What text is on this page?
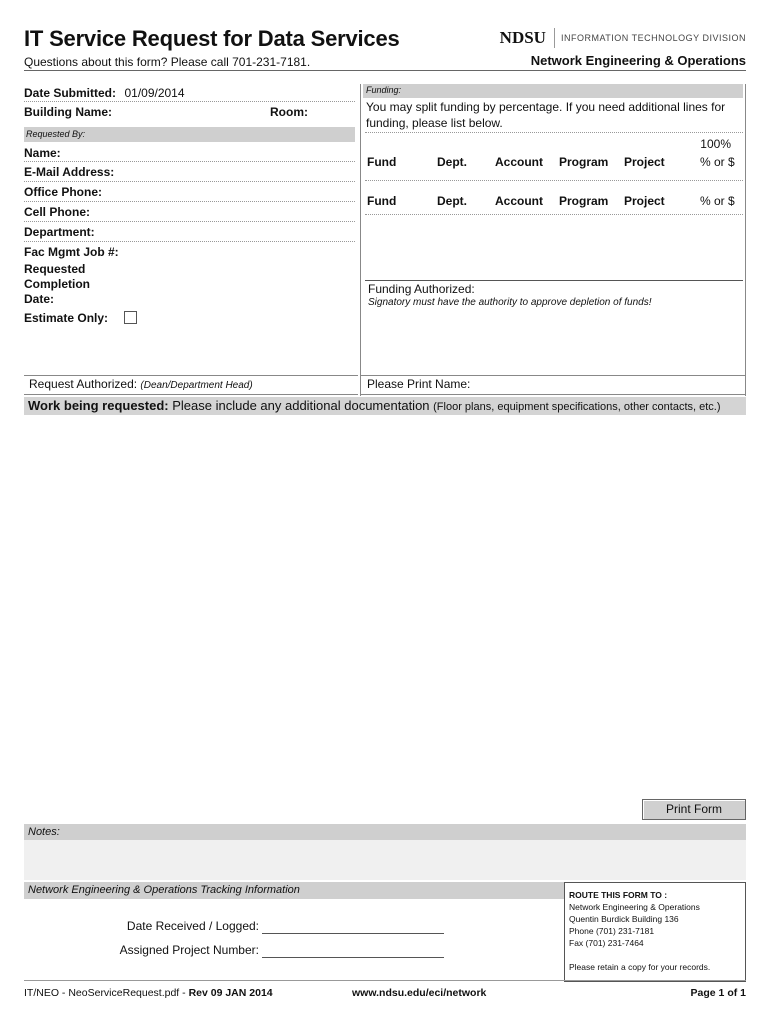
IT Service Request for Data Services
Questions about this form? Please call 701-231-7181.
NDSU	INFORMATION TECHNOLOGY DIVISION
Network Engineering & Operations
Date Submitted: 01/09/2014
Building Name:	Room:
Requested By:
Name:
E-Mail Address:
Office Phone:
Cell Phone:
Department:
Fac Mgmt Job #:
Requested
Completion
Date:
Estimate Only:
Funding:
You may split funding by percentage. If you need additional lines for funding, please list below.
100%
Fund	Dept. Account Program Project	% or $
Fund	Dept. Account Program Project	% or $
Funding Authorized:
Signatory must have the authority to approve depletion of funds!
Request Authorized: (Dean/Department Head)	Please Print Name:
Work being requested: Please include any additional documentation (Floor plans, equipment specifications, other contacts, etc.)
Print Form
Notes:
Network Engineering & Operations Tracking Information
Date Received / Logged:
Assigned Project Number:
ROUTE THIS FORM TO :
Network Engineering & Operations
Quentin Burdick Building 136
Phone (701) 231-7181
Fax (701) 231-7464
Please retain a copy for your records.
IT/NEO - NeoServiceRequest.pdf - Rev 09 JAN 2014	www.ndsu.edu/eci/network	Page 1 of 1
